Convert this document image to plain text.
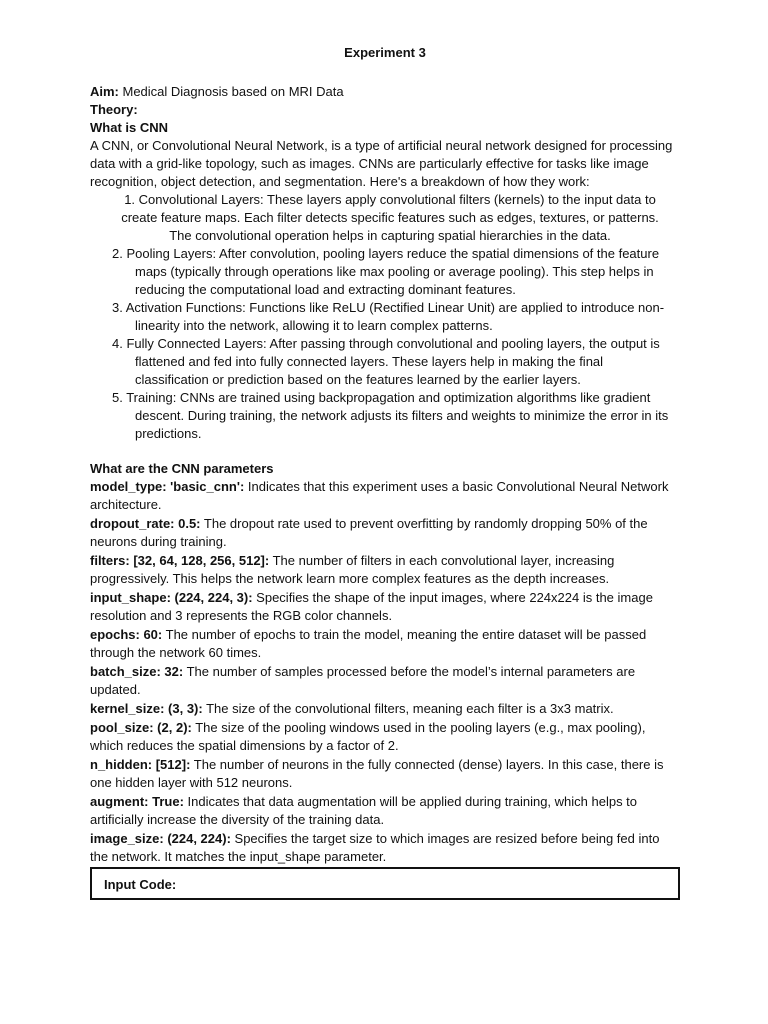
Experiment 3

Aim: Medical Diagnosis based on MRI Data

Theory:

What is CNN

A CNN, or Convolutional Neural Network, is a type of artificial neural network designed for processing data with a grid-like topology, such as images. CNNs are particularly effective for tasks like image recognition, object detection, and segmentation. Here's a breakdown of how they work:

1. Convolutional Layers: These layers apply convolutional filters (kernels) to the input data to create feature maps. Each filter detects specific features such as edges, textures, or patterns. The convolutional operation helps in capturing spatial hierarchies in the data.
2. Pooling Layers: After convolution, pooling layers reduce the spatial dimensions of the feature maps (typically through operations like max pooling or average pooling). This step helps in reducing the computational load and extracting dominant features.
3. Activation Functions: Functions like ReLU (Rectified Linear Unit) are applied to introduce non-linearity into the network, allowing it to learn complex patterns.
4. Fully Connected Layers: After passing through convolutional and pooling layers, the output is flattened and fed into fully connected layers. These layers help in making the final classification or prediction based on the features learned by the earlier layers.
5. Training: CNNs are trained using backpropagation and optimization algorithms like gradient descent. During training, the network adjusts its filters and weights to minimize the error in its predictions.

What are the CNN parameters

model_type: 'basic_cnn': Indicates that this experiment uses a basic Convolutional Neural Network architecture.

dropout_rate: 0.5: The dropout rate used to prevent overfitting by randomly dropping 50% of the neurons during training.

filters: [32, 64, 128, 256, 512]: The number of filters in each convolutional layer, increasing progressively. This helps the network learn more complex features as the depth increases.

input_shape: (224, 224, 3): Specifies the shape of the input images, where 224x224 is the image resolution and 3 represents the RGB color channels.

epochs: 60: The number of epochs to train the model, meaning the entire dataset will be passed through the network 60 times.

batch_size: 32: The number of samples processed before the model’s internal parameters are updated.

kernel_size: (3, 3): The size of the convolutional filters, meaning each filter is a 3x3 matrix.

pool_size: (2, 2): The size of the pooling windows used in the pooling layers (e.g., max pooling), which reduces the spatial dimensions by a factor of 2.

n_hidden: [512]: The number of neurons in the fully connected (dense) layers. In this case, there is one hidden layer with 512 neurons.

augment: True: Indicates that data augmentation will be applied during training, which helps to artificially increase the diversity of the training data.

image_size: (224, 224): Specifies the target size to which images are resized before being fed into the network. It matches the input_shape parameter.

Input Code:
